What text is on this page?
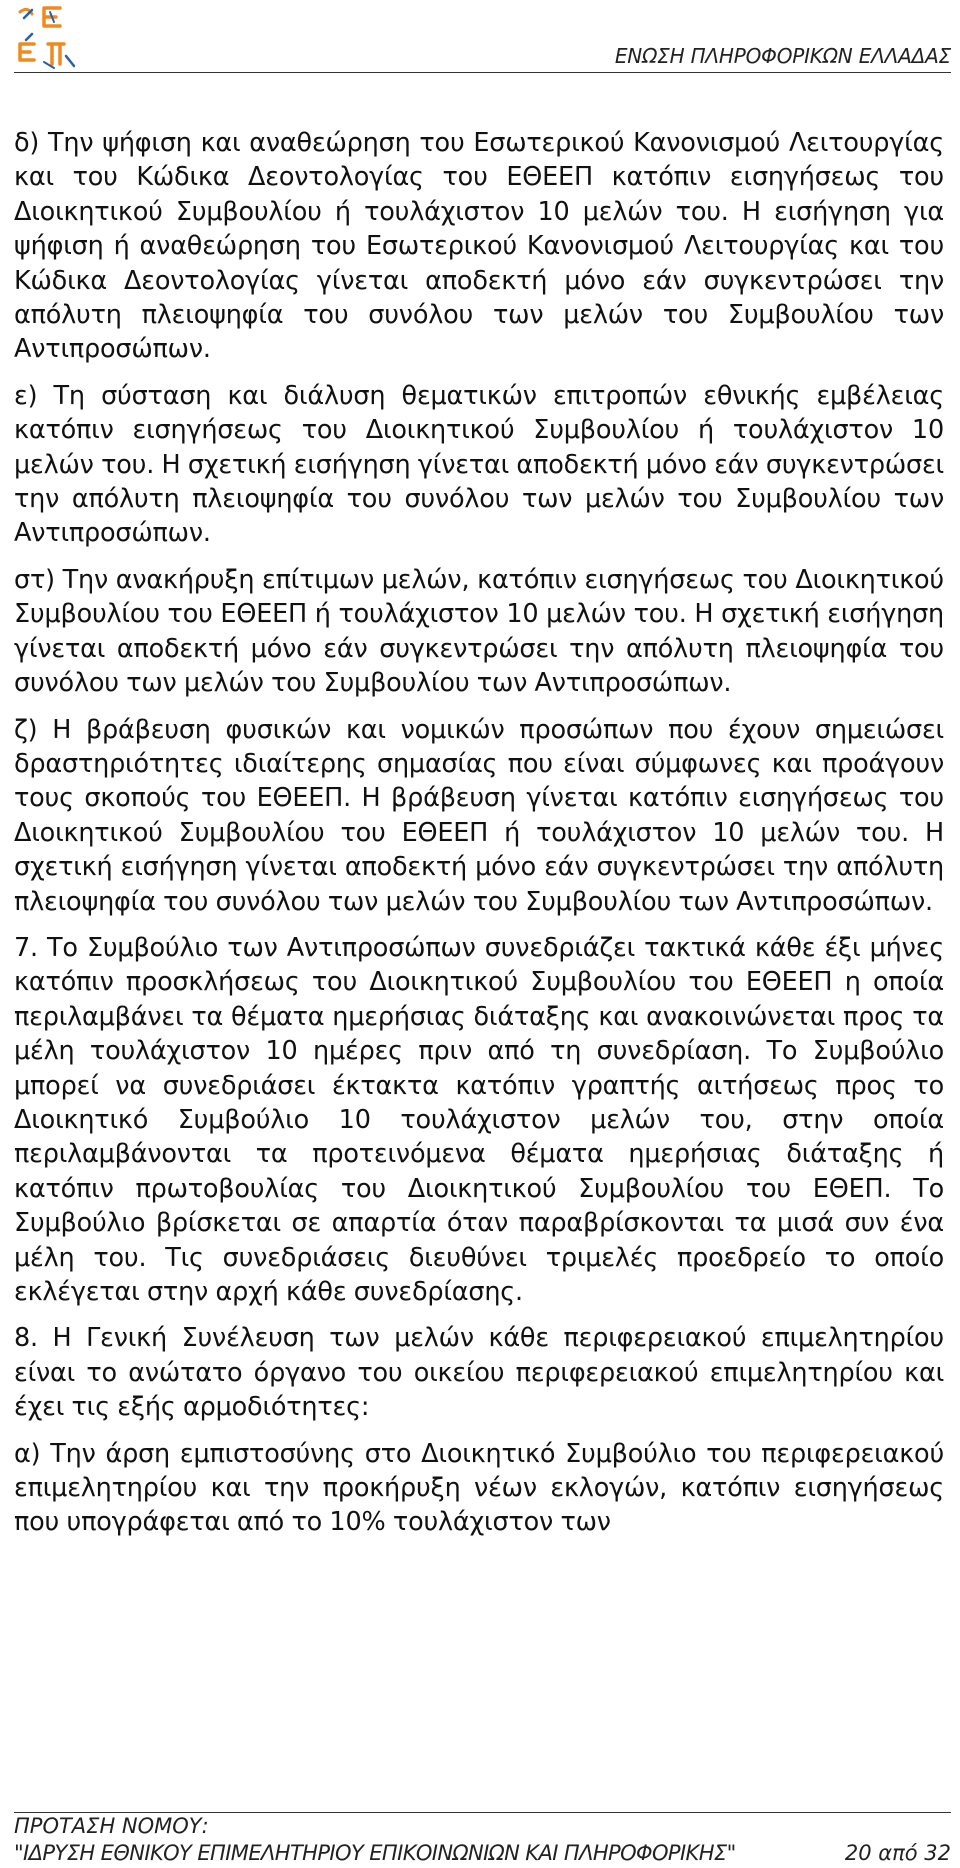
ΕΝΩΣΗ ΠΛΗΡΟΦΟΡΙΚΩΝ ΕΛΛΑΔΑΣ

δ) Την ψήφιση και αναθεώρηση του Εσωτερικού Κανονισμού Λειτουργίας και του Κώδικα Δεοντολογίας του ΕΘΕΕΠ κατόπιν εισηγήσεως του Διοικητικού Συμβουλίου ή τουλάχιστον 10 μελών του. Η εισήγηση για ψήφιση ή αναθεώρηση του Εσωτερικού Κανονισμού Λειτουργίας και του Κώδικα Δεοντολογίας γίνεται αποδεκτή μόνο εάν συγκεντρώσει την απόλυτη πλειοψηφία του συνόλου των μελών του Συμβουλίου των Αντιπροσώπων.

ε) Τη σύσταση και διάλυση θεματικών επιτροπών εθνικής εμβέλειας κατόπιν εισηγήσεως του Διοικητικού Συμβουλίου ή τουλάχιστον 10 μελών του. Η σχετική εισήγηση γίνεται αποδεκτή μόνο εάν συγκεντρώσει την απόλυτη πλειοψηφία του συνόλου των μελών του Συμβουλίου των Αντιπροσώπων.

στ) Την ανακήρυξη επίτιμων μελών, κατόπιν εισηγήσεως του Διοικητικού Συμβουλίου του ΕΘΕΕΠ ή τουλάχιστον 10 μελών του. Η σχετική εισήγηση γίνεται αποδεκτή μόνο εάν συγκεντρώσει την απόλυτη πλειοψηφία του συνόλου των μελών του Συμβουλίου των Αντιπροσώπων.

ζ) Η βράβευση φυσικών και νομικών προσώπων που έχουν σημειώσει δραστηριότητες ιδιαίτερης σημασίας που είναι σύμφωνες και προάγουν τους σκοπούς του ΕΘΕΕΠ. Η βράβευση γίνεται κατόπιν εισηγήσεως του Διοικητικού Συμβουλίου του ΕΘΕΕΠ ή τουλάχιστον 10 μελών του. Η σχετική εισήγηση γίνεται αποδεκτή μόνο εάν συγκεντρώσει την απόλυτη πλειοψηφία του συνόλου των μελών του Συμβουλίου των Αντιπροσώπων.

7. Το Συμβούλιο των Αντιπροσώπων συνεδριάζει τακτικά κάθε έξι μήνες κατόπιν προσκλήσεως του Διοικητικού Συμβουλίου του ΕΘΕΕΠ η οποία περιλαμβάνει τα θέματα ημερήσιας διάταξης και ανακοινώνεται προς τα μέλη τουλάχιστον 10 ημέρες πριν από τη συνεδρίαση. Το Συμβούλιο μπορεί να συνεδριάσει έκτακτα κατόπιν γραπτής αιτήσεως προς το Διοικητικό Συμβούλιο 10 τουλάχιστον μελών του, στην οποία περιλαμβάνονται τα προτεινόμενα θέματα ημερήσιας διάταξης ή κατόπιν πρωτοβουλίας του Διοικητικού Συμβουλίου του ΕΘΕΠ. Το Συμβούλιο βρίσκεται σε απαρτία όταν παραβρίσκονται τα μισά συν ένα μέλη του. Τις συνεδριάσεις διευθύνει τριμελές προεδρείο το οποίο εκλέγεται στην αρχή κάθε συνεδρίασης.

8. Η Γενική Συνέλευση των μελών κάθε περιφερειακού επιμελητηρίου είναι το ανώτατο όργανο του οικείου περιφερειακού επιμελητηρίου και έχει τις εξής αρμοδιότητες:

α) Την άρση εμπιστοσύνης στο Διοικητικό Συμβούλιο του περιφερειακού επιμελητηρίου και την προκήρυξη νέων εκλογών, κατόπιν εισηγήσεως που υπογράφεται από το 10% τουλάχιστον των

ΠΡΟΤΑΣΗ ΝΟΜΟΥ:
"ΙΔΡΥΣΗ ΕΘΝΙΚΟΥ ΕΠΙΜΕΛΗΤΗΡΙΟΥ ΕΠΙΚΟΙΝΩΝΙΩΝ ΚΑΙ ΠΛΗΡΟΦΟΡΙΚΗΣ"	20 από 32
